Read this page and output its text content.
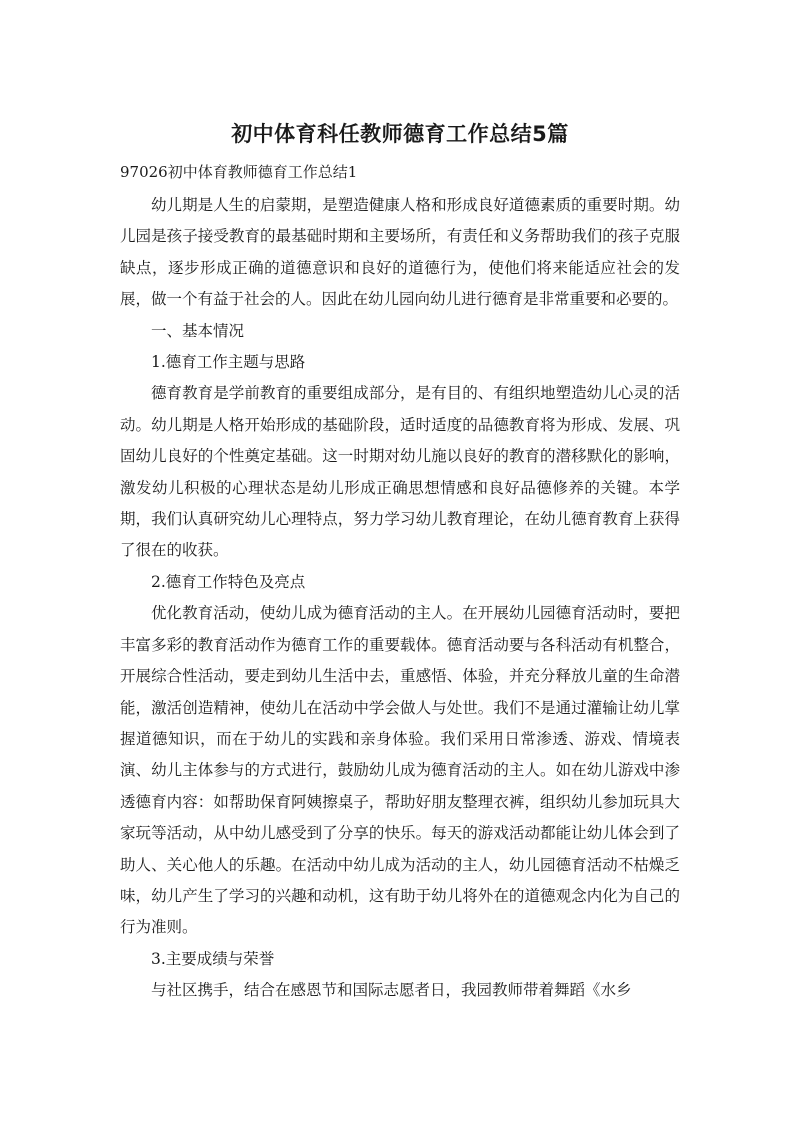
初中体育科任教师德育工作总结5篇
97026初中体育教师德育工作总结1

幼儿期是人生的启蒙期，是塑造健康人格和形成良好道德素质的重要时期。幼儿园是孩子接受教育的最基础时期和主要场所，有责任和义务帮助我们的孩子克服缺点，逐步形成正确的道德意识和良好的道德行为，使他们将来能适应社会的发展，做一个有益于社会的人。因此在幼儿园向幼儿进行德育是非常重要和必要的。

一、基本情况

1.德育工作主题与思路

德育教育是学前教育的重要组成部分，是有目的、有组织地塑造幼儿心灵的活动。幼儿期是人格开始形成的基础阶段，适时适度的品德教育将为形成、发展、巩固幼儿良好的个性奠定基础。这一时期对幼儿施以良好的教育的潜移默化的影响，激发幼儿积极的心理状态是幼儿形成正确思想情感和良好品德修养的关键。本学期，我们认真研究幼儿心理特点，努力学习幼儿教育理论，在幼儿德育教育上获得了很在的收获。

2.德育工作特色及亮点

优化教育活动，使幼儿成为德育活动的主人。在开展幼儿园德育活动时，要把丰富多彩的教育活动作为德育工作的重要载体。德育活动要与各科活动有机整合，开展综合性活动，要走到幼儿生活中去，重感悟、体验，并充分释放儿童的生命潜能，激活创造精神，使幼儿在活动中学会做人与处世。我们不是通过灌输让幼儿掌握道德知识，而在于幼儿的实践和亲身体验。我们采用日常渗透、游戏、情境表演、幼儿主体参与的方式进行，鼓励幼儿成为德育活动的主人。如在幼儿游戏中渗透德育内容：如帮助保育阿姨擦桌子，帮助好朋友整理衣裤，组织幼儿参加玩具大家玩等活动，从中幼儿感受到了分享的快乐。每天的游戏活动都能让幼儿体会到了助人、关心他人的乐趣。在活动中幼儿成为活动的主人，幼儿园德育活动不枯燥乏味，幼儿产生了学习的兴趣和动机，这有助于幼儿将外在的道德观念内化为自己的行为准则。

3.主要成绩与荣誉

与社区携手，结合在感恩节和国际志愿者日，我园教师带着舞蹈《水乡
